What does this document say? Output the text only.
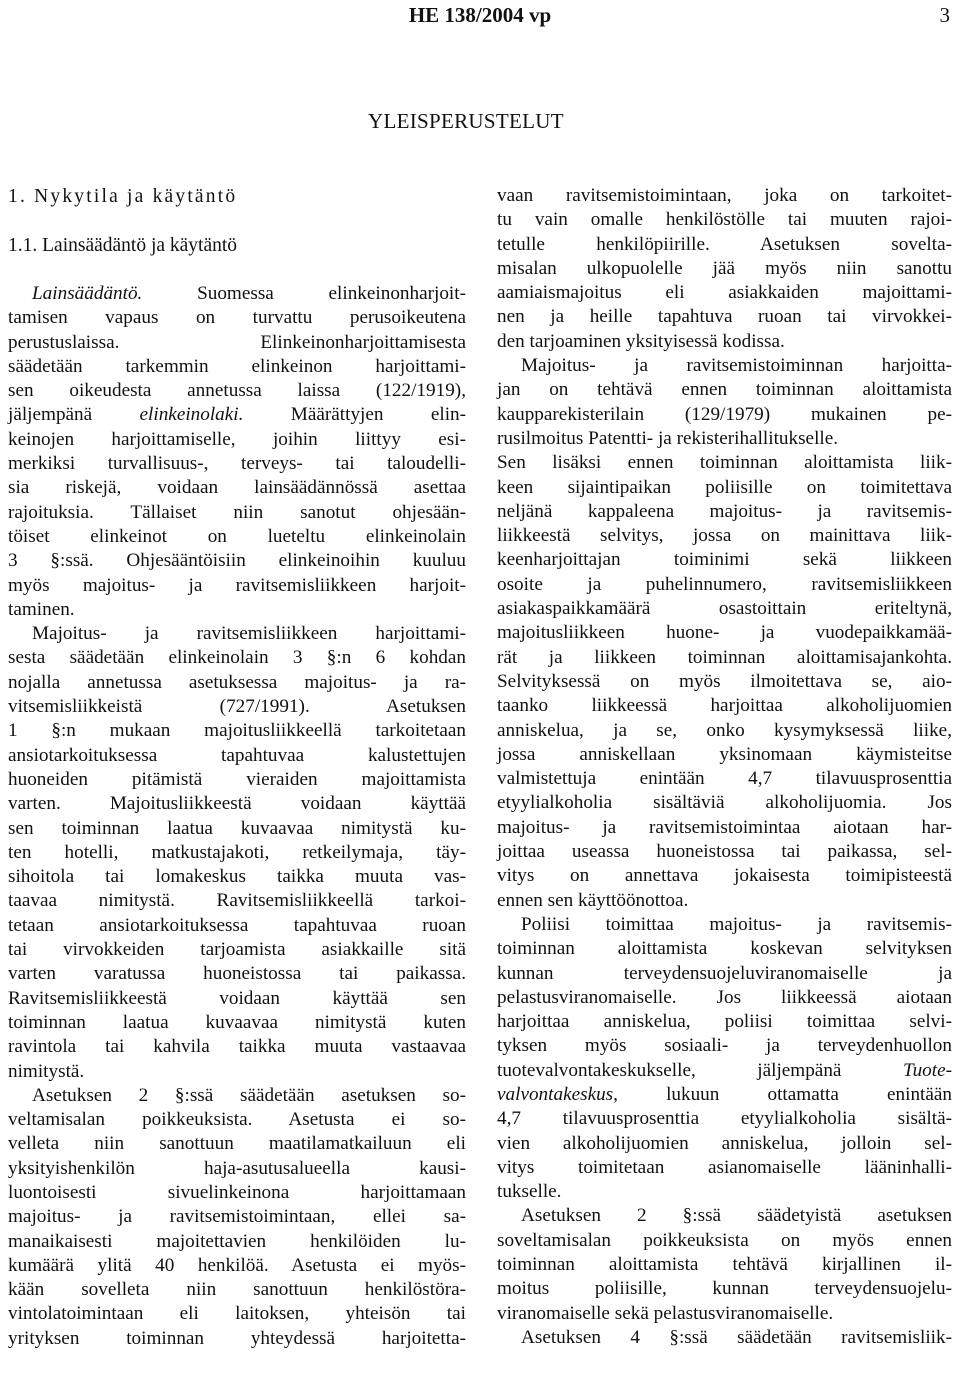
HE 138/2004 vp	3
YLEISPERUSTELUT
1. Nykytila ja käytäntö
1.1. Lainsäädäntö ja käytäntö
Lainsäädäntö.	Suomessa elinkeinonharjoit-
tamisen vapaus on turvattu perusoikeutena
perustuslaissa. Elinkeinonharjoittamisesta
säädetään tarkemmin elinkeinon harjoittami-
sen oikeudesta annetussa laissa (122/1919),
jäljempänä elinkeinolaki. Määrättyjen elin-
keinojen harjoittamiselle, joihin liittyy esi-
merkiksi turvallisuus-, terveys- tai taloudelli-
sia riskejä, voidaan lainsäädännössä asettaa
rajoituksia. Tällaiset niin sanotut ohjesään-
töiset elinkeinot on lueteltu elinkeinolain
3 §:ssä. Ohjesääntöisiin elinkeinoihin kuuluu
myös majoitus- ja ravitsemisliikkeen harjoit-
taminen.
Majoitus- ja ravitsemisliikkeen harjoittami-
sesta säädetään elinkeinolain 3 §:n 6 kohdan
nojalla annetussa asetuksessa majoitus- ja ra-
vitsemisliikkeistä (727/1991). Asetuksen
1 §:n mukaan majoitusliikkeellä tarkoitetaan
ansiotarkoituksessa tapahtuvaa kalustettujen
huoneiden pitämistä vieraiden majoittamista
varten. Majoitusliikkeestä voidaan käyttää
sen toiminnan laatua kuvaavaa nimitystä ku-
ten hotelli, matkustajakoti, retkeilymaja, täy-
sihoitola tai lomakeskus taikka muuta vas-
taavaa nimitystä. Ravitsemisliikkeellä tarkoi-
tetaan ansiotarkoituksessa tapahtuvaa ruoan
tai virvokkeiden tarjoamista asiakkaille sitä
varten varatussa huoneistossa tai paikassa.
Ravitsemisliikkeestä voidaan käyttää sen
toiminnan laatua kuvaavaa nimitystä kuten
ravintola tai kahvila taikka muuta vastaavaa
nimitystä.
Asetuksen 2 §:ssä säädetään asetuksen so-
veltamisalan poikkeuksista. Asetusta ei so-
velleta niin sanottuun maatilamatkailuun eli
yksityishenkilön haja-asutusalueella kausi-
luontoisesti sivuelinkeinona harjoittamaan
majoitus- ja ravitsemistoimintaan, ellei sa-
manaikaisesti majoitettavien henkilöiden lu-
kumäärä ylitä 40 henkilöä. Asetusta ei myös-
kään sovelleta niin sanottuun henkilöstöra-
vintolatoimintaan eli laitoksen, yhteisön tai
yrityksen toiminnan yhteydessä harjoitetta-
vaan ravitsemistoimintaan, joka on tarkoitet-
tu vain omalle henkilöstölle tai muuten rajoi-
tetulle henkilöpiirille. Asetuksen sovelta-
misalan ulkopuolelle jää myös niin sanottu
aamiaismajoitus eli asiakkaiden majoittami-
nen ja heille tapahtuva ruoan tai virvokkei-
den tarjoaminen yksityisessä kodissa.
Majoitus- ja ravitsemistoiminnan harjoitta-
jan on tehtävä ennen toiminnan aloittamista
kaupparekisterilain (129/1979) mukainen pe-
rusilmoitus Patentti- ja rekisterihallitukselle.
Sen lisäksi ennen toiminnan aloittamista liik-
keen sijaintipaikan poliisille on toimitettava
neljänä kappaleena majoitus- ja ravitsemis-
liikkeestä selvitys, jossa on mainittava liik-
keenharjoittajan toiminimi sekä liikkeen
osoite ja puhelinnumero, ravitsemisliikkeen
asiakaspaikkamäärä osastoittain eriteltynä,
majoitusliikkeen huone- ja vuodepaikkamää-
rät ja liikkeen toiminnan aloittamisajankohta.
Selvityksessä on myös ilmoitettava se, aio-
taanko liikkeessä harjoittaa alkoholijuomien
anniskelua, ja se, onko kysymyksessä liike,
jossa anniskellaan yksinomaan käymisteitse
valmistettuja enintään 4,7 tilavuusprosenttia
etyylialkoholia sisältäviä alkoholijuomia. Jos
majoitus- ja ravitsemistoimintaa aiotaan har-
joittaa useassa huoneistossa tai paikassa, sel-
vitys on annettava jokaisesta toimipisteestä
ennen sen käyttöönottoa.
Poliisi toimittaa majoitus- ja ravitsemis-
toiminnan aloittamista koskevan selvityksen
kunnan terveydensuojeluviranomaiselle ja
pelastusviranomaiselle. Jos liikkeessä aiotaan
harjoittaa anniskelua, poliisi toimittaa selvi-
tyksen myös sosiaali- ja terveydenhuollon
tuotevalvontakeskukselle, jäljempänä	Tuote-
valvontakeskus, lukuun ottamatta enintään
4,7 tilavuusprosenttia etyylialkoholia sisältä-
vien alkoholijuomien anniskelua, jolloin sel-
vitys toimitetaan asianomaiselle lääninhalli-
tukselle.
Asetuksen 2 §:ssä säädetyistä asetuksen
soveltamisalan poikkeuksista on myös ennen
toiminnan aloittamista tehtävä kirjallinen il-
moitus poliisille, kunnan terveydensuojelu-
viranomaiselle sekä pelastusviranomaiselle.
Asetuksen 4 §:ssä säädetään ravitsemisliik-
